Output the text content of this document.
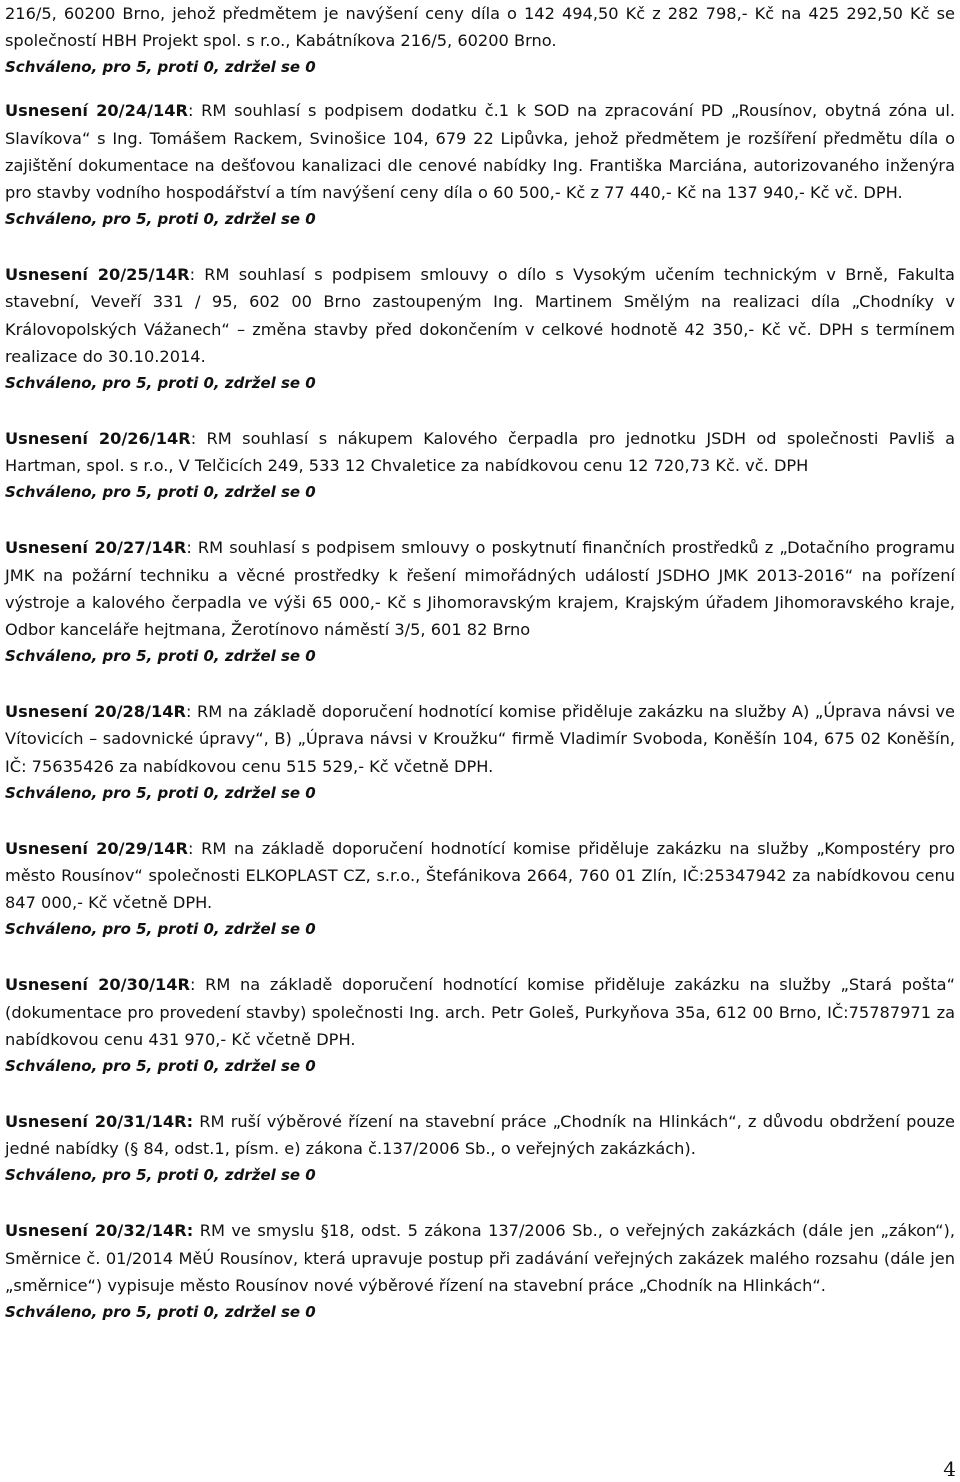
216/5, 60200 Brno, jehož předmětem je navýšení ceny díla o 142 494,50 Kč z 282 798,- Kč na 425 292,50 Kč se společností HBH Projekt spol. s r.o., Kabátníkova 216/5, 60200 Brno.

Schváleno, pro 5, proti 0, zdržel se 0

Usnesení 20/24/14R: RM souhlasí s podpisem dodatku č.1 k SOD na zpracování PD „Rousínov, obytná zóna ul. Slavíkova“ s Ing. Tomášem Rackem, Svinošice 104, 679 22 Lipůvka, jehož předmětem je rozšíření předmětu díla o zajištění dokumentace na dešťovou kanalizaci dle cenové nabídky Ing. Františka Marciána, autorizovaného inženýra pro stavby vodního hospodářství a tím navýšení ceny díla o 60 500,- Kč z 77 440,- Kč na 137 940,- Kč vč. DPH.

Schváleno, pro 5, proti 0, zdržel se 0

Usnesení 20/25/14R: RM souhlasí s podpisem smlouvy o dílo s Vysokým učením technickým v Brně, Fakulta stavební, Veveří 331 / 95, 602 00 Brno zastoupeným Ing. Martinem Smělým na realizaci díla „Chodníky v Královopolských Vážanech“ – změna stavby před dokončením v celkové hodnotě 42 350,- Kč vč. DPH s termínem realizace do 30.10.2014.

Schváleno, pro 5, proti 0, zdržel se 0

Usnesení 20/26/14R: RM souhlasí s nákupem Kalového čerpadla pro jednotku JSDH od společnosti Pavliš a Hartman, spol. s r.o., V Telčicích 249, 533 12 Chvaletice za nabídkovou cenu 12 720,73 Kč. vč. DPH

Schváleno, pro 5, proti 0, zdržel se 0

Usnesení 20/27/14R: RM souhlasí s podpisem smlouvy o poskytnutí finančních prostředků z „Dotačního programu JMK na požární techniku a věcné prostředky k řešení mimořádných událostí JSDHO JMK 2013-2016“ na pořízení výstroje a kalového čerpadla ve výši 65 000,- Kč s Jihomoravským krajem, Krajským úřadem Jihomoravského kraje, Odbor kanceláře hejtmana, Žerotínovo náměstí 3/5, 601 82 Brno

Schváleno, pro 5, proti 0, zdržel se 0

Usnesení 20/28/14R: RM na základě doporučení hodnotící komise přiděluje zakázku na služby A) „Úprava návsi ve Vítovicích – sadovnické úpravy“, B) „Úprava návsi v Kroužku“ firmě Vladimír Svoboda, Koněšín 104, 675 02 Koněšín, IČ: 75635426 za nabídkovou cenu 515 529,- Kč včetně DPH.

Schváleno, pro 5, proti 0, zdržel se 0

Usnesení 20/29/14R: RM na základě doporučení hodnotící komise přiděluje zakázku na služby „Kompostéry pro město Rousínov“ společnosti ELKOPLAST CZ, s.r.o., Štefánikova 2664, 760 01 Zlín, IČ:25347942 za nabídkovou cenu 847 000,- Kč včetně DPH.

Schváleno, pro 5, proti 0, zdržel se 0

Usnesení 20/30/14R: RM na základě doporučení hodnotící komise přiděluje zakázku na služby „Stará pošta“ (dokumentace pro provedení stavby) společnosti Ing. arch. Petr Goleš, Purkyňova 35a, 612 00 Brno, IČ:75787971 za nabídkovou cenu 431 970,- Kč včetně DPH.

Schváleno, pro 5, proti 0, zdržel se 0

Usnesení 20/31/14R: RM ruší výběrové řízení na stavební práce „Chodník na Hlinkách“, z důvodu obdržení pouze jedné nabídky (§ 84, odst.1, písm. e) zákona č.137/2006 Sb., o veřejných zakázkách).

Schváleno, pro 5, proti 0, zdržel se 0

Usnesení 20/32/14R: RM ve smyslu §18, odst. 5 zákona 137/2006 Sb., o veřejných zakázkách (dále jen „zákon“), Směrnice č. 01/2014 MěÚ Rousínov, která upravuje postup při zadávání veřejných zakázek malého rozsahu (dále jen „směrnice“) vypisuje město Rousínov nové výběrové řízení na stavební práce „Chodník na Hlinkách“.

Schváleno, pro 5, proti 0, zdržel se 0

4
